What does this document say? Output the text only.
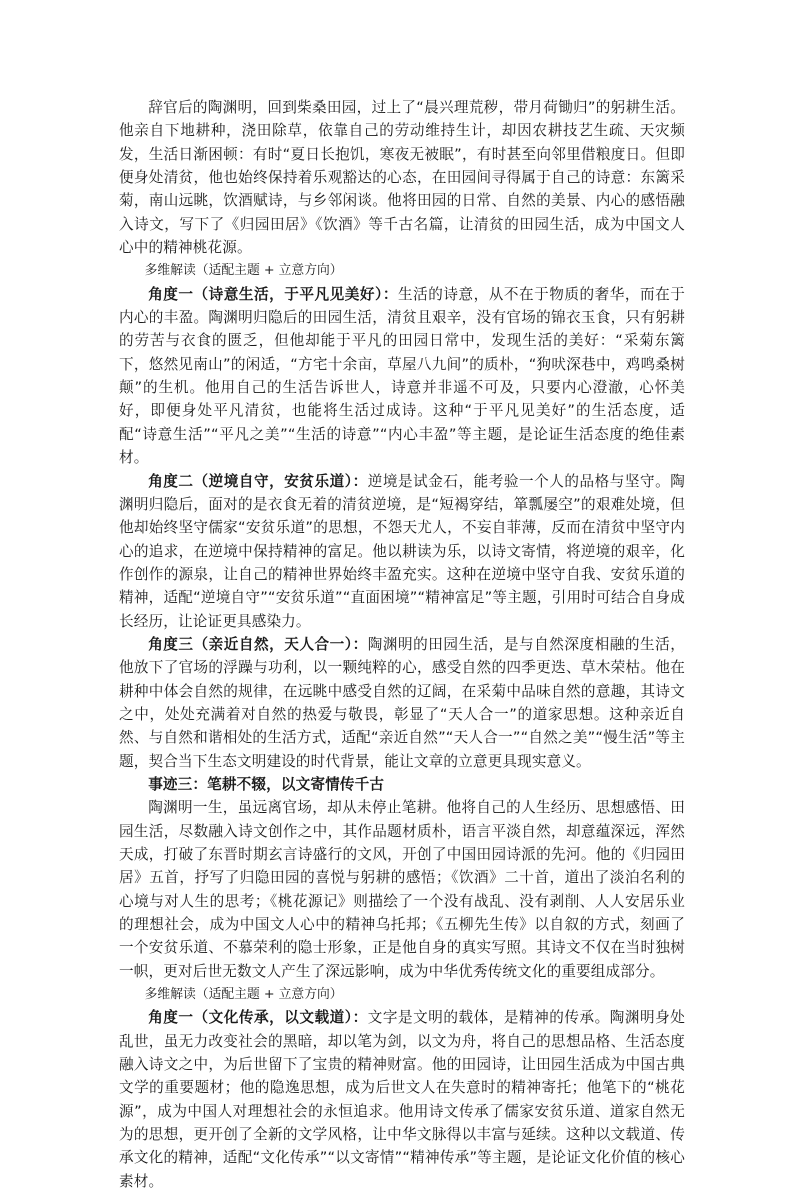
辞官后的陶渊明，回到柴桑田园，过上了“晨兴理荒秽，带月荷锄归”的躬耕生活。他亲自下地耕种，浇田除草，依靠自己的劳动维持生计，却因农耕技艺生疏、天灾频发，生活日渐困顿：有时“夏日长抱饥，寒夜无被眠”，有时甚至向邻里借粮度日。但即便身处清贫，他也始终保持着乐观豁达的心态，在田园间寻得属于自己的诗意：东篱采菊，南山远眺，饮酒赋诗，与乡邻闲谈。他将田园的日常、自然的美景、内心的感悟融入诗文，写下了《归园田居》《饮酒》等千古名篇，让清贫的田园生活，成为中国文人心中的精神桃花源。

多维解读（适配主题 + 立意方向）

角度一（诗意生活，于平凡见美好）：生活的诗意，从不在于物质的奢华，而在于内心的丰盈。陶渊明归隐后的田园生活，清贫且艰辛，没有官场的锦衣玉食，只有躬耕的劳苦与衣食的匮乏，但他却能于平凡的田园日常中，发现生活的美好：“采菊东篱下，悠然见南山”的闲适，“方宅十余亩，草屋八九间”的质朴，“狗吠深巷中，鸡鸣桑树颠”的生机。他用自己的生活告诉世人，诗意并非遥不可及，只要内心澄澈，心怀美好，即便身处平凡清贫，也能将生活过成诗。这种“于平凡见美好”的生活态度，适配“诗意生活”“平凡之美”“生活的诗意”“内心丰盈”等主题，是论证生活态度的绝佳素材。

角度二（逆境自守，安贫乐道）：逆境是试金石，能考验一个人的品格与坚守。陶渊明归隐后，面对的是衣食无着的清贫逆境，是“短褐穿结，箪瓢屡空”的艰难处境，但他却始终坚守儒家“安贫乐道”的思想，不怨天尤人，不妄自菲薄，反而在清贫中坚守内心的追求，在逆境中保持精神的富足。他以耕读为乐，以诗文寄情，将逆境的艰辛，化作创作的源泉，让自己的精神世界始终丰盈充实。这种在逆境中坚守自我、安贫乐道的精神，适配“逆境自守”“安贫乐道”“直面困境”“精神富足”等主题，引用时可结合自身成长经历，让论证更具感染力。

角度三（亲近自然，天人合一）：陶渊明的田园生活，是与自然深度相融的生活，他放下了官场的浮躁与功利，以一颗纯粹的心，感受自然的四季更迭、草木荣枯。他在耕种中体会自然的规律，在远眺中感受自然的辽阔，在采菊中品味自然的意趣，其诗文之中，处处充满着对自然的热爱与敬畏，彰显了“天人合一”的道家思想。这种亲近自然、与自然和谐相处的生活方式，适配“亲近自然”“天人合一”“自然之美”“慢生活”等主题，契合当下生态文明建设的时代背景，能让文章的立意更具现实意义。

事迹三：笔耕不辍，以文寄情传千古

陶渊明一生，虽远离官场，却从未停止笔耕。他将自己的人生经历、思想感悟、田园生活，尽数融入诗文创作之中，其作品题材质朴，语言平淡自然，却意蕴深远，浑然天成，打破了东晋时期玄言诗盛行的文风，开创了中国田园诗派的先河。他的《归园田居》五首，抒写了归隐田园的喜悦与躬耕的感悟；《饮酒》二十首，道出了淡泊名利的心境与对人生的思考；《桃花源记》则描绘了一个没有战乱、没有剥削、人人安居乐业的理想社会，成为中国文人心中的精神乌托邦；《五柳先生传》以自叙的方式，刻画了一个安贫乐道、不慕荣利的隐士形象，正是他自身的真实写照。其诗文不仅在当时独树一帜，更对后世无数文人产生了深远影响，成为中华优秀传统文化的重要组成部分。

多维解读（适配主题 + 立意方向）

角度一（文化传承，以文载道）：文字是文明的载体，是精神的传承。陶渊明身处乱世，虽无力改变社会的黑暗，却以笔为剑，以文为舟，将自己的思想品格、生活态度融入诗文之中，为后世留下了宝贵的精神财富。他的田园诗，让田园生活成为中国古典文学的重要题材；他的隐逸思想，成为后世文人在失意时的精神寄托；他笔下的“桃花源”，成为中国人对理想社会的永恒追求。他用诗文传承了儒家安贫乐道、道家自然无为的思想，更开创了全新的文学风格，让中华文脉得以丰富与延续。这种以文载道、传承文化的精神，适配“文化传承”“以文寄情”“精神传承”等主题，是论证文化价值的核心素材。
